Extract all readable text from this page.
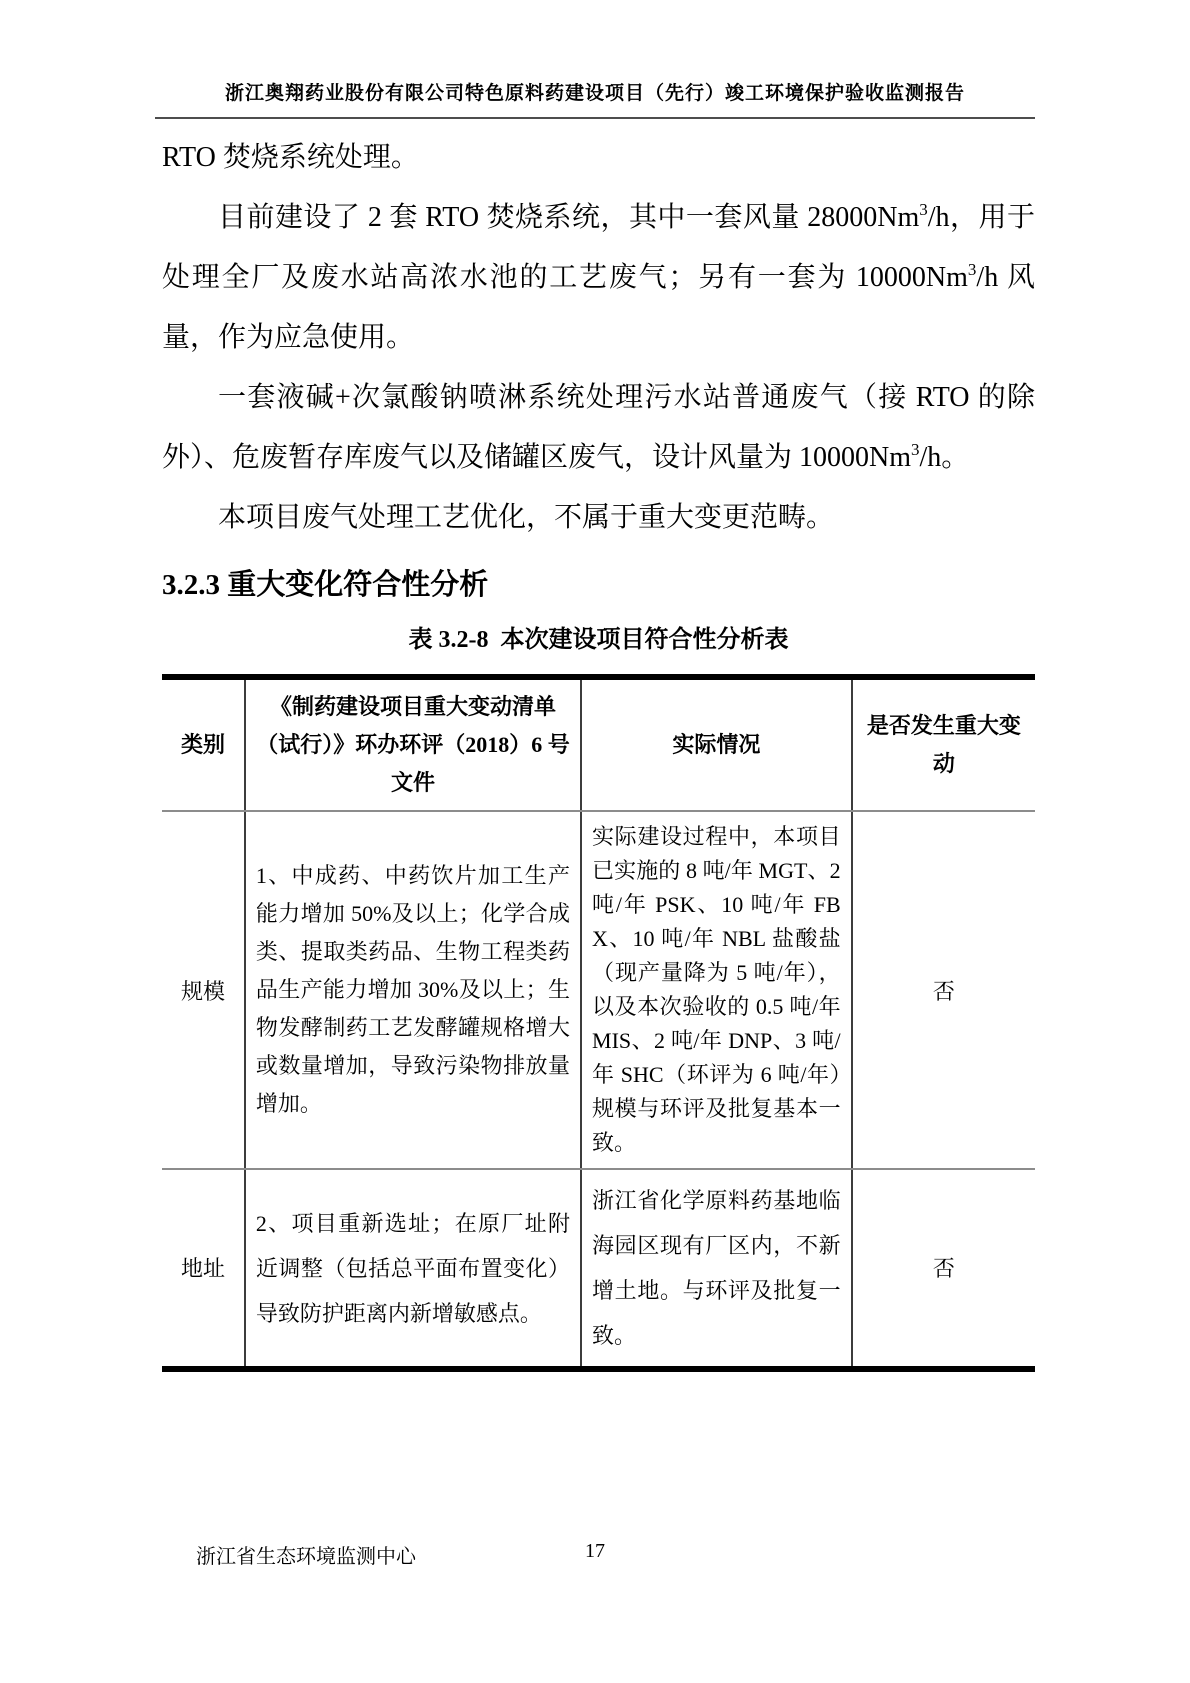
浙江奥翔药业股份有限公司特色原料药建设项目（先行）竣工环境保护验收监测报告

RTO 焚烧系统处理。

目前建设了 2 套 RTO 焚烧系统，其中一套风量 28000Nm$^3$/h，用于处理全厂及废水站高浓水池的工艺废气；另有一套为 10000Nm$^3$/h 风量，作为应急使用。

一套液碱+次氯酸钠喷淋系统处理污水站普通废气（接 RTO 的除外）、危废暂存库废气以及储罐区废气，设计风量为 10000Nm$^3$/h。

本项目废气处理工艺优化，不属于重大变更范畴。

3.2.3 重大变化符合性分析
表 3.2-8  本次建设项目符合性分析表
类别	《制药建设项目重大变动清单（试行）》环办环评（2018）6 号文件	实际情况	是否发生重大变动
规模	1、中成药、中药饮片加工生产能力增加 50%及以上；化学合成类、提取类药品、生物工程类药品生产能力增加 30%及以上；生物发酵制药工艺发酵罐规格增大或数量增加，导致污染物排放量增加。	实际建设过程中，本项目已实施的 8 吨/年 MGT、2 吨/年 PSK、10 吨/年 FBX、10 吨/年 NBL 盐酸盐（现产量降为 5 吨/年），以及本次验收的 0.5 吨/年 MIS、2 吨/年 DNP、3 吨/年 SHC（环评为 6 吨/年）规模与环评及批复基本一致。	否
地址	2、项目重新选址；在原厂址附近调整（包括总平面布置变化）导致防护距离内新增敏感点。	浙江省化学原料药基地临海园区现有厂区内，不新增土地。与环评及批复一致。	否
浙江省生态环境监测中心	17
